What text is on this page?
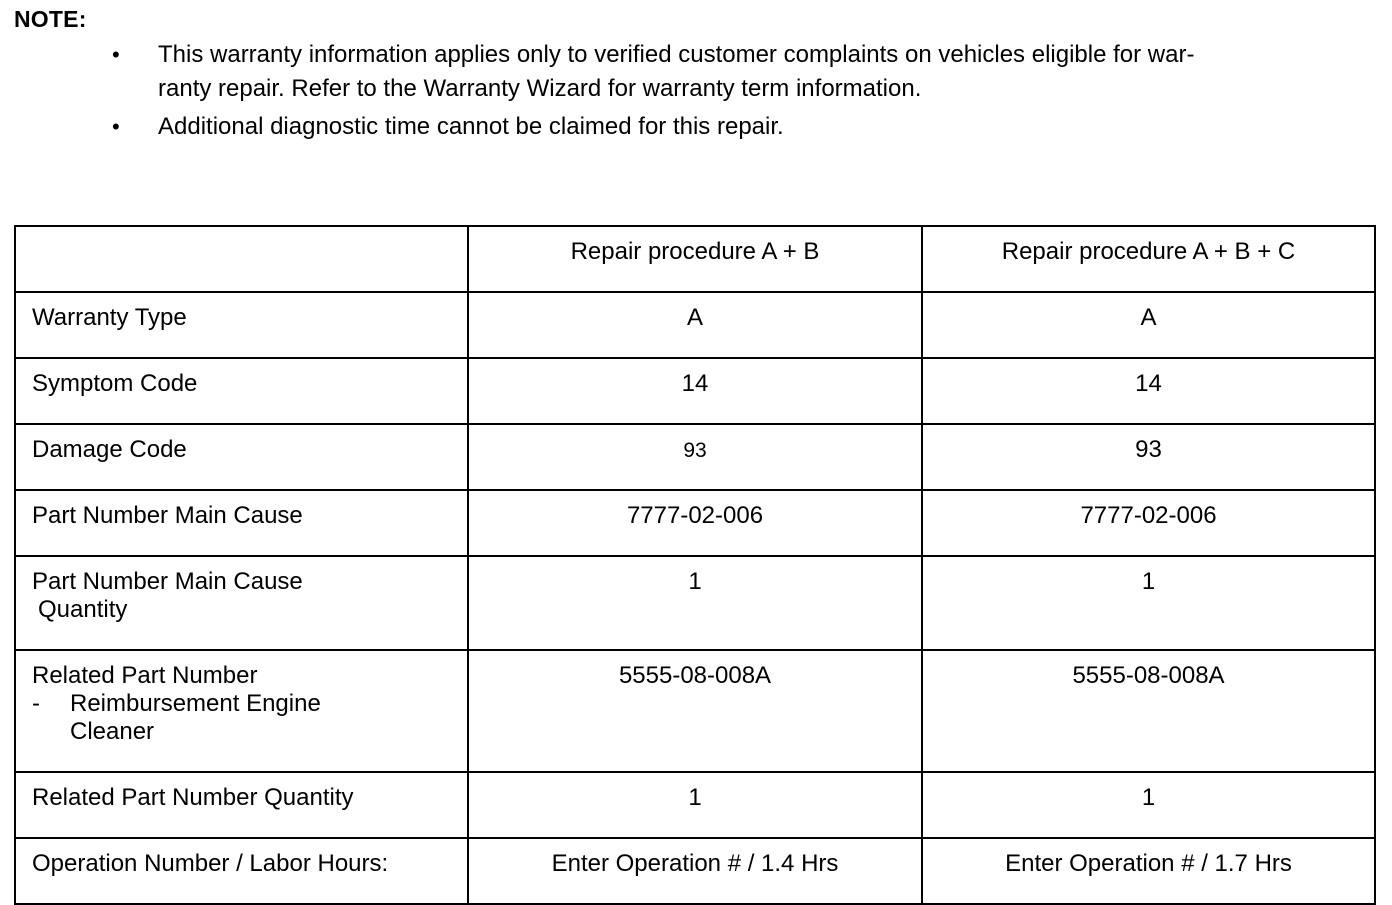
NOTE:
• This warranty information applies only to verified customer complaints on vehicles eligible for war-
ranty repair. Refer to the Warranty Wizard for warranty term information.
• Additional diagnostic time cannot be claimed for this repair.
	Repair procedure A + B	Repair procedure A + B + C
Warranty Type	A	A
Symptom Code	14	14
Damage Code	93	93
Part Number Main Cause	7777-02-006	7777-02-006

Part Number Main Cause
Quantity	1	1

Related Part Number
- Reimbursement Engine
Cleaner	5555-08-008A	5555-08-008A
Related Part Number Quantity	1	1
Operation Number / Labor Hours:	Enter Operation # / 1.4 Hrs	Enter Operation # / 1.7 Hrs
